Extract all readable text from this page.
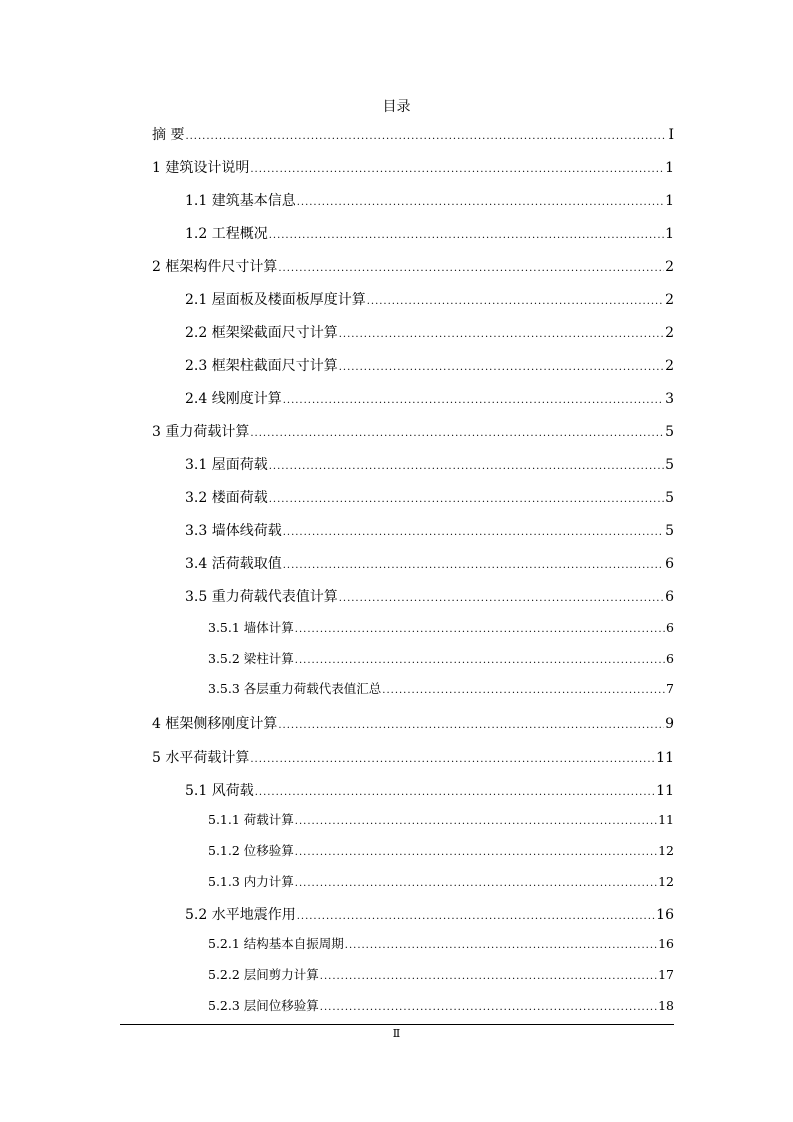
目录
摘 要 .....	I
1 建筑设计说明 .....	1
1.1 建筑基本信息 .....	1
1.2 工程概况 .....	1
2 框架构件尺寸计算 .....	2
2.1 屋面板及楼面板厚度计算 .....	2
2.2 框架梁截面尺寸计算 .....	2
2.3 框架柱截面尺寸计算 .....	2
2.4 线刚度计算 .....	3
3 重力荷载计算 .....	5
3.1 屋面荷载 .....	5
3.2 楼面荷载 .....	5
3.3 墙体线荷载 .....	5
3.4 活荷载取值 .....	6
3.5 重力荷载代表值计算 .....	6
3.5.1 墙体计算 .....	6
3.5.2 梁柱计算 .....	6
3.5.3 各层重力荷载代表值汇总 .....	7
4 框架侧移刚度计算 .....	9
5 水平荷载计算 .....	11
5.1 风荷载 .....	11
5.1.1 荷载计算 .....	11
5.1.2 位移验算 .....	12
5.1.3 内力计算 .....	12
5.2 水平地震作用 .....	16
5.2.1 结构基本自振周期 .....	16
5.2.2 层间剪力计算 .....	17
5.2.3 层间位移验算 .....	18
Ⅱ
